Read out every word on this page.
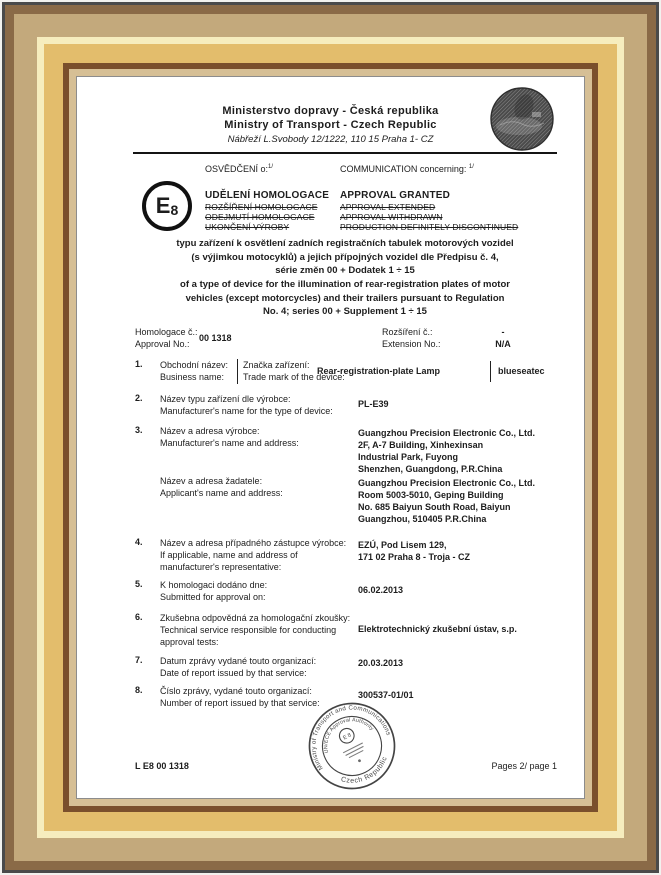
Ministerstvo dopravy - Česká republika
Ministry of Transport - Czech Republic
Nábřeží L.Svobody 12/1222, 110 15 Praha 1- CZ
OSVĚDČENÍ o:$^{1/}$	COMMUNICATION concerning: $^{1/}$
E 8
UDĚLENÍ HOMOLOGACE
ROZŠÍŘENÍ HOMOLOGACE
ODEJMUTÍ HOMOLOGACE
UKONČENÍ VÝROBY
APPROVAL GRANTED
APPROVAL EXTENDED
APPROVAL WITHDRAWN
PRODUCTION DEFINITELY DISCONTINUED
typu zařízení k osvětlení zadních registračních tabulek motorových vozidel
(s výjimkou motocyklů) a jejich přípojných vozidel dle Předpisu č. 4,
série změn 00 + Dodatek 1 ÷ 15
of a type of device for the illumination of rear-registration plates of motor
vehicles (except motorcycles) and their trailers pursuant to Regulation
No. 4; series 00 + Supplement 1 ÷ 15
Homologace č.:
Approval No.:
00 1318
Rozšíření č.:
Extension No.:
-
N/A
1. Obchodní název:
Business name:
Značka zařízení:
Trade mark of the device:
Rear-registration-plate Lamp	blueseatec
2. Název typu zařízení dle výrobce:
Manufacturer's name for the type of device:
PL-E39
3. Název a adresa výrobce:
Manufacturer's name and address:
Guangzhou Precision Electronic Co., Ltd.
2F, A-7 Building, Xinhexinsan
Industrial Park, Fuyong
Shenzhen, Guangdong, P.R.China
Název a adresa žadatele:
Applicant's name and address:
Guangzhou Precision Electronic Co., Ltd.
Room 5003-5010, Geping Building
No. 685 Baiyun South Road, Baiyun
Guangzhou, 510405 P.R.China
4. Název a adresa případného zástupce výrobce:
If applicable, name and address of
manufacturer's representative:
EZÚ, Pod Lisem 129,
171 02 Praha 8 - Troja - CZ
5. K homologaci dodáno dne:
Submitted for approval on:
06.02.2013
6. Zkušebna odpovědná za homologační zkoušky:
Technical service responsible for conducting
approval tests:
Elektrotechnický zkušební ústav, s.p.
7. Datum zprávy vydané touto organizací:
Date of report issued by that service:
20.03.2013
8. Číslo zprávy, vydané touto organizací:
Number of report issued by that service:
300537-01/01
Ministry of Transport and Communications
Czech Republic
UN/ECE Approval Authority
E 8
L E8 00 1318	Pages 2/ page 1
